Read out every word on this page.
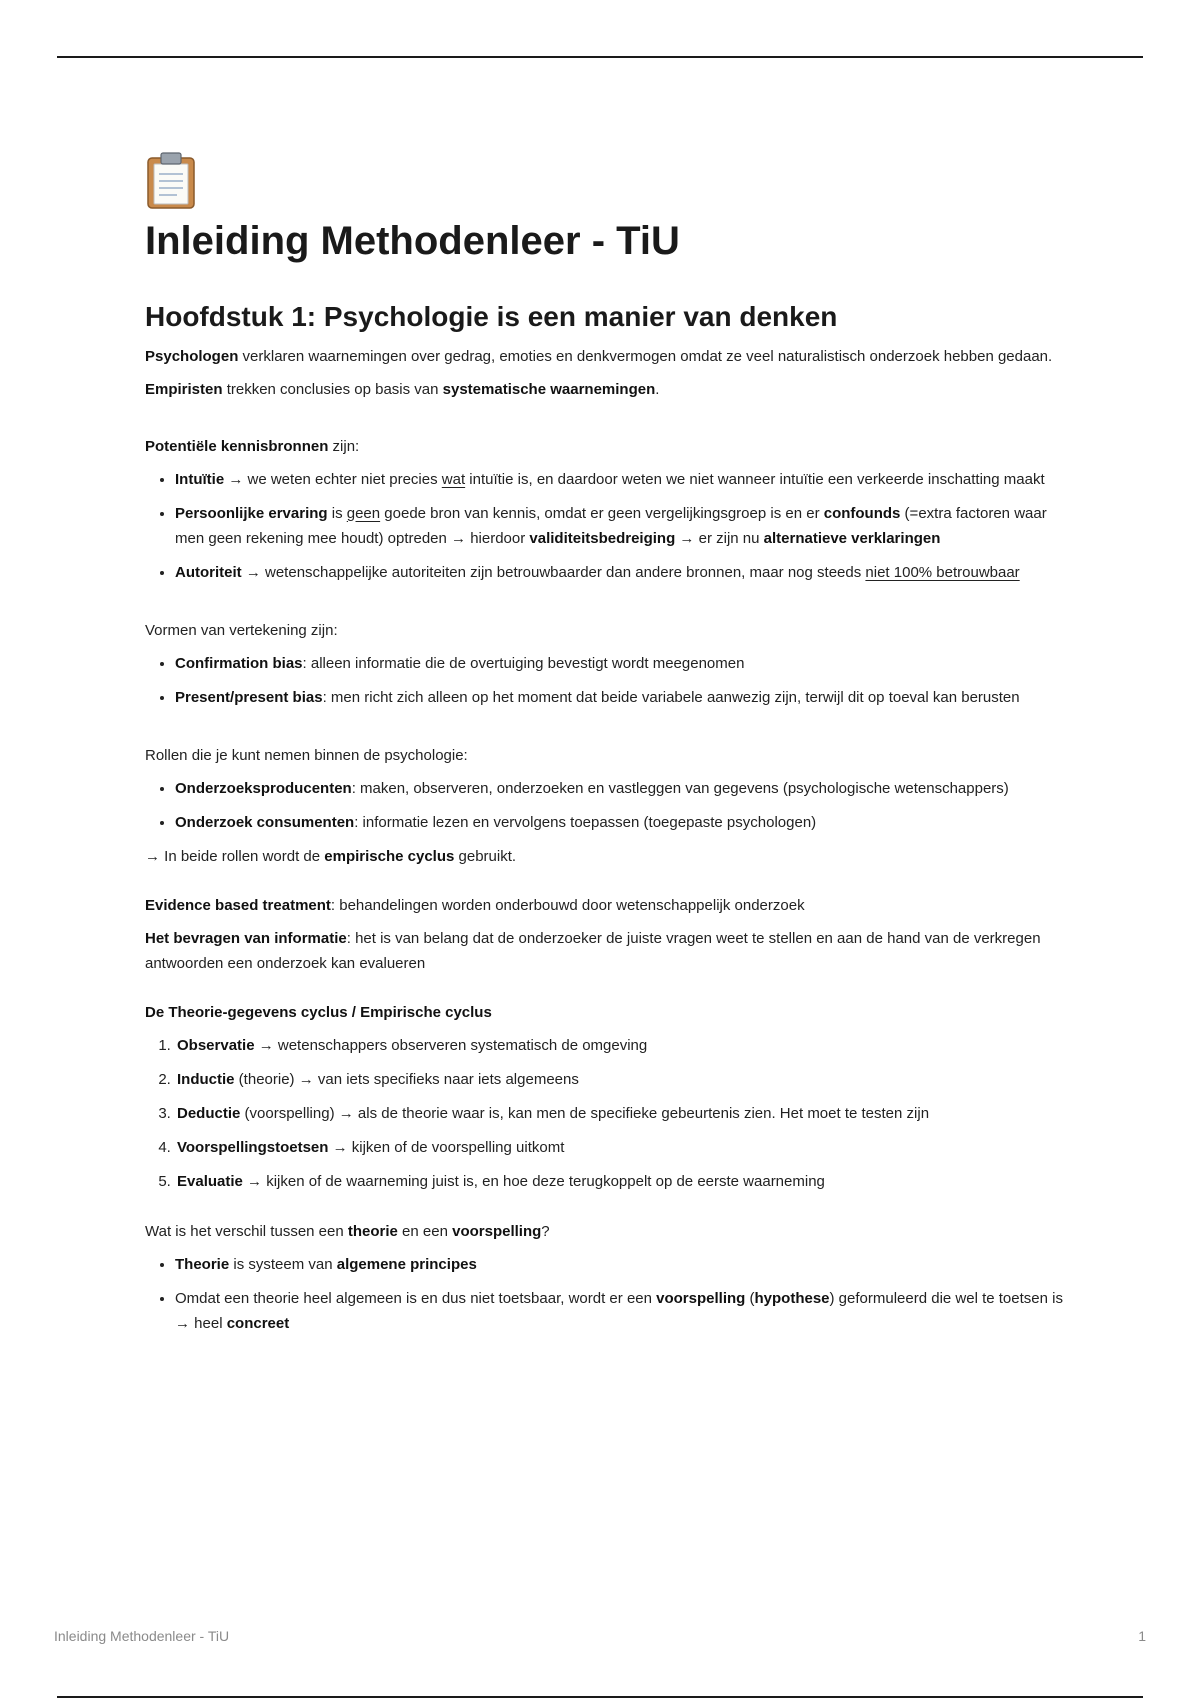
Inleiding Methodenleer - TiU
Hoofdstuk 1: Psychologie is een manier van denken

Psychologen verklaren waarnemingen over gedrag, emoties en denkvermogen omdat ze veel naturalistisch onderzoek hebben gedaan.

Empiristen trekken conclusies op basis van systematische waarnemingen.

Potentiële kennisbronnen zijn:

• Intuïtie → we weten echter niet precies wat intuïtie is, en daardoor weten we niet wanneer intuïtie een verkeerde inschatting maakt
• Persoonlijke ervaring is geen goede bron van kennis, omdat er geen vergelijkingsgroep is en er confounds (=extra factoren waar men geen rekening mee houdt) optreden → hierdoor validiteitsbedreiging → er zijn nu alternatieve verklaringen
• Autoriteit → wetenschappelijke autoriteiten zijn betrouwbaarder dan andere bronnen, maar nog steeds niet 100% betrouwbaar

Vormen van vertekening zijn:

• Confirmation bias: alleen informatie die de overtuiging bevestigt wordt meegenomen
• Present/present bias: men richt zich alleen op het moment dat beide variabele aanwezig zijn, terwijl dit op toeval kan berusten

Rollen die je kunt nemen binnen de psychologie:

• Onderzoeksproducenten: maken, observeren, onderzoeken en vastleggen van gegevens (psychologische wetenschappers)
• Onderzoek consumenten: informatie lezen en vervolgens toepassen (toegepaste psychologen)

→ In beide rollen wordt de empirische cyclus gebruikt.

Evidence based treatment: behandelingen worden onderbouwd door wetenschappelijk onderzoek

Het bevragen van informatie: het is van belang dat de onderzoeker de juiste vragen weet te stellen en aan de hand van de verkregen antwoorden een onderzoek kan evalueren

De Theorie-gegevens cyclus / Empirische cyclus

1. Observatie → wetenschappers observeren systematisch de omgeving
2. Inductie (theorie) → van iets specifieks naar iets algemeens
3. Deductie (voorspelling) → als de theorie waar is, kan men de specifieke gebeurtenis zien. Het moet te testen zijn
4. Voorspellingstoetsen → kijken of de voorspelling uitkomt
5. Evaluatie → kijken of de waarneming juist is, en hoe deze terugkoppelt op de eerste waarneming

Wat is het verschil tussen een theorie en een voorspelling?

• Theorie is systeem van algemene principes
• Omdat een theorie heel algemeen is en dus niet toetsbaar, wordt er een voorspelling (hypothese) geformuleerd die wel te toetsen is → heel concreet
Inleiding Methodenleer - TiU	1
